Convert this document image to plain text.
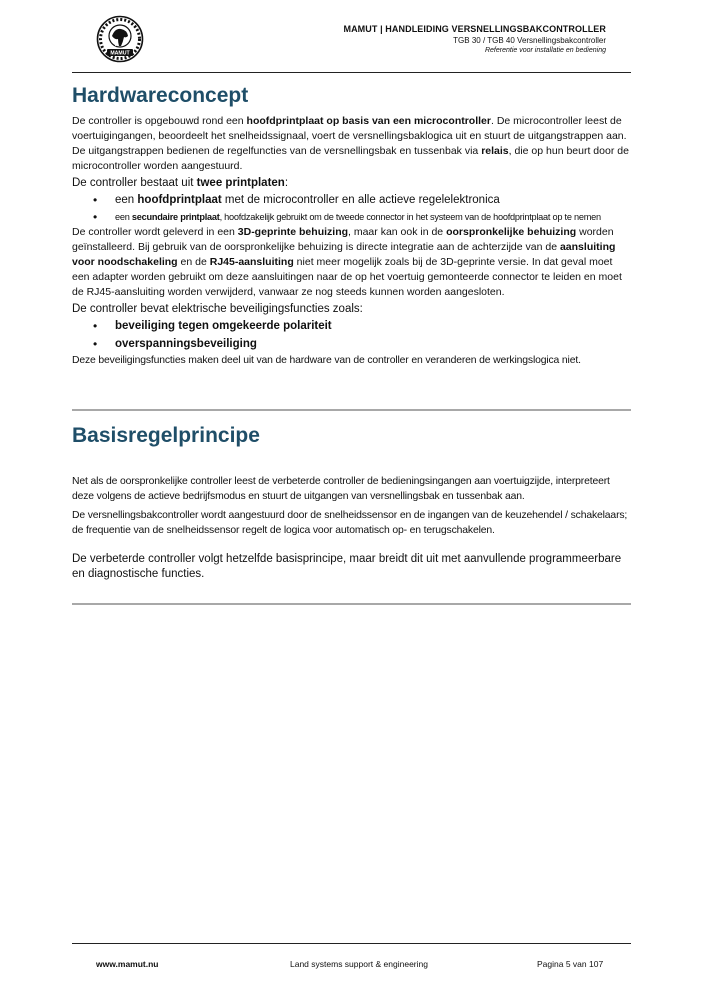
MAMUT
MAMUT | HANDLEIDING VERSNELLINGSBAKCONTROLLER
TGB 30 / TGB 40 Versnellingsbakcontroller
Referentie voor installatie en bediening
Hardwareconcept

De controller is opgebouwd rond een hoofdprintplaat op basis van een microcontroller. De microcontroller leest de voertuigingangen, beoordeelt het snelheidssignaal, voert de versnellingsbaklogica uit en stuurt de uitgangstrappen aan. De uitgangstrappen bedienen de regelfuncties van de versnellingsbak en tussenbak via relais, die op hun beurt door de microcontroller worden aangestuurd.

De controller bestaat uit twee printplaten:

• een hoofdprintplaat met de microcontroller en alle actieve regelelektronica
• een secundaire printplaat, hoofdzakelijk gebruikt om de tweede connector in het systeem van de hoofdprintplaat op te nemen

De controller wordt geleverd in een 3D-geprinte behuizing, maar kan ook in de oorspronkelijke behuizing worden geïnstalleerd. Bij gebruik van de oorspronkelijke behuizing is directe integratie aan de achterzijde van de aansluiting voor noodschakeling en de RJ45-aansluiting niet meer mogelijk zoals bij de 3D-geprinte versie. In dat geval moet een adapter worden gebruikt om deze aansluitingen naar de op het voertuig gemonteerde connector te leiden en moet de RJ45-aansluiting worden verwijderd, vanwaar ze nog steeds kunnen worden aangesloten.

De controller bevat elektrische beveiligingsfuncties zoals:

• beveiliging tegen omgekeerde polariteit
• overspanningsbeveiliging

Deze beveiligingsfuncties maken deel uit van de hardware van de controller en veranderen de werkingslogica niet.

Basisregelprincipe

Net als de oorspronkelijke controller leest de verbeterde controller de bedieningsingangen aan voertuigzijde, interpreteert deze volgens de actieve bedrijfsmodus en stuurt de uitgangen van versnellingsbak en tussenbak aan.

De versnellingsbakcontroller wordt aangestuurd door de snelheidssensor en de ingangen van de keuzehendel / schakelaars; de frequentie van de snelheidssensor regelt de logica voor automatisch op- en terugschakelen.

De verbeterde controller volgt hetzelfde basisprincipe, maar breidt dit uit met aanvullende programmeerbare en diagnostische functies.

www.mamut.nu	Land systems support & engineering	Pagina 5 van 107
